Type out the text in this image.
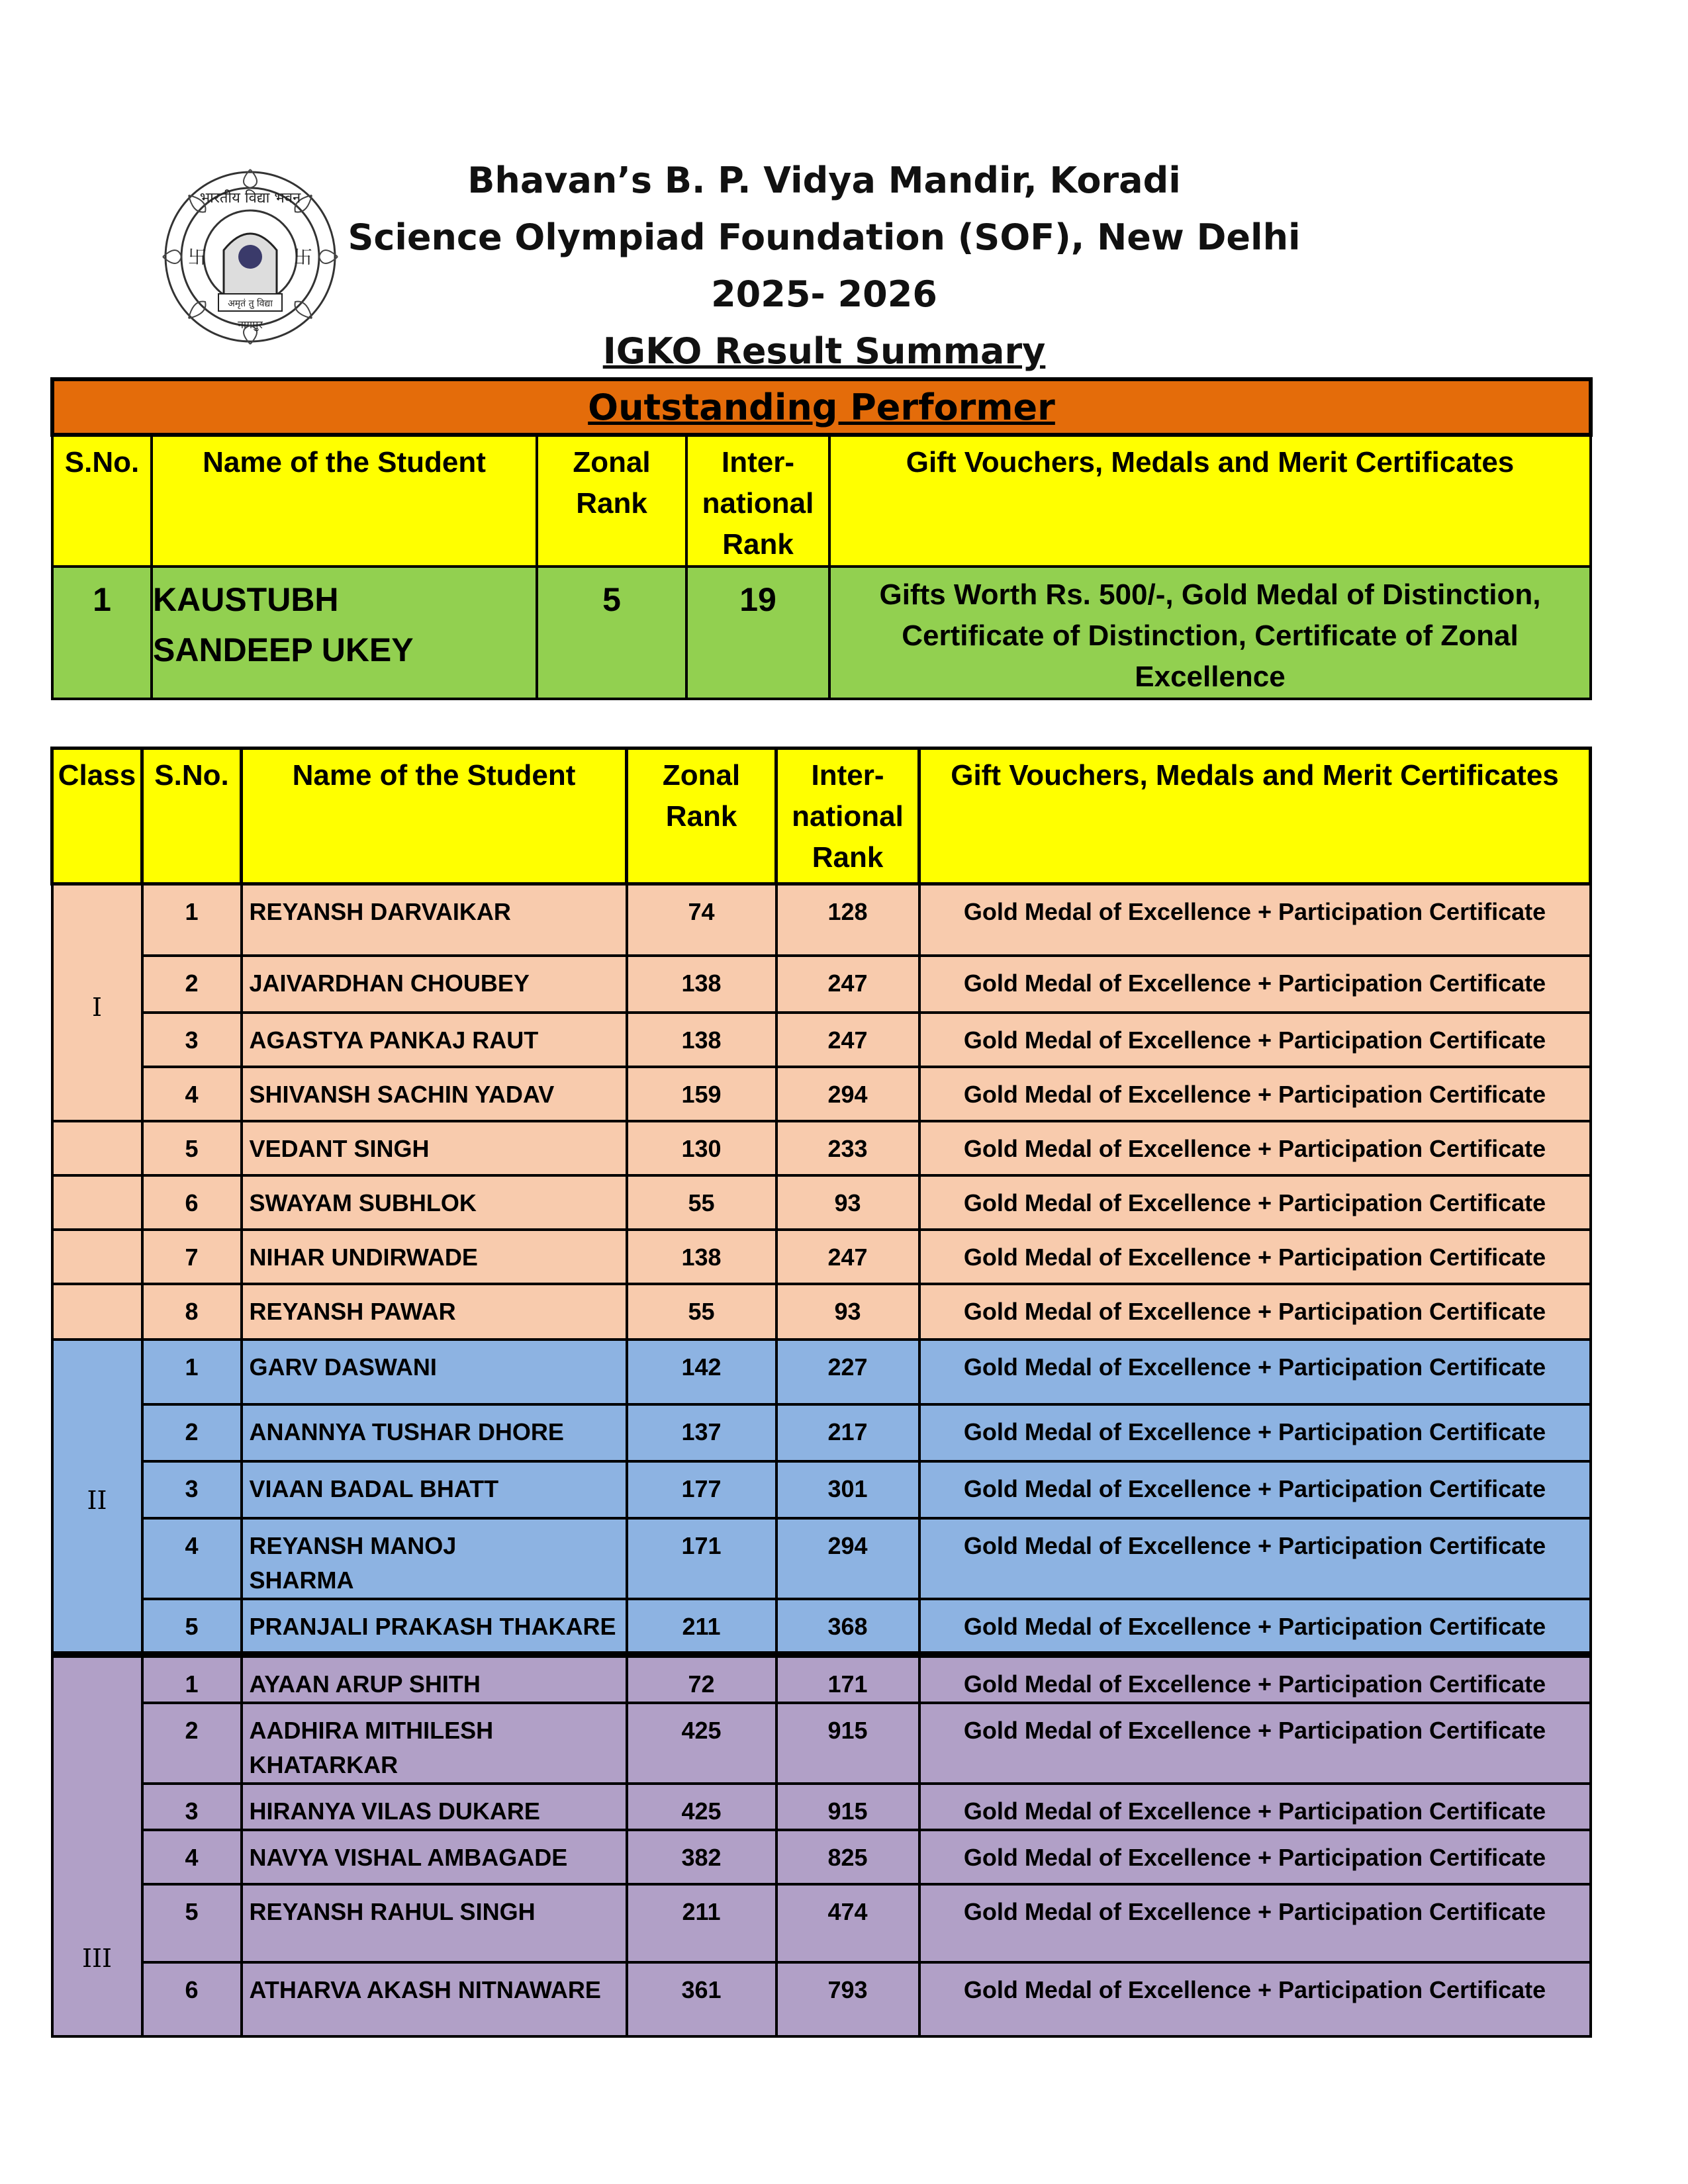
भारतीय विद्या भवन
नागपुर
अमृतं तु विद्या
卐	卐
Bhavan’s B. P. Vidya Mandir, Koradi
Science Olympiad Foundation (SOF), New Delhi
2025- 2026
IGKO Result Summary
Outstanding Performer				
S.No.	Name of the Student	Zonal Rank	Inter- national Rank	Gift Vouchers, Medals and Merit Certificates
1	KAUSTUBH
SANDEEP UKEY	5	19	Gifts Worth Rs. 500/-, Gold Medal of Distinction, Certificate of Distinction, Certificate of Zonal Excellence
Class	S.No.	Name of the Student	Zonal Rank	Inter- national Rank	Gift Vouchers, Medals and Merit Certificates
I	1	REYANSH DARVAIKAR	74	128	Gold Medal of Excellence + Participation Certificate
	2	JAIVARDHAN CHOUBEY	138	247	Gold Medal of Excellence + Participation Certificate
	3	AGASTYA PANKAJ RAUT	138	247	Gold Medal of Excellence + Participation Certificate
	4	SHIVANSH SACHIN YADAV	159	294	Gold Medal of Excellence + Participation Certificate
	5	VEDANT SINGH	130	233	Gold Medal of Excellence + Participation Certificate
	6	SWAYAM SUBHLOK	55	93	Gold Medal of Excellence + Participation Certificate
	7	NIHAR UNDIRWADE	138	247	Gold Medal of Excellence + Participation Certificate
	8	REYANSH PAWAR	55	93	Gold Medal of Excellence + Participation Certificate
II	1	GARV DASWANI	142	227	Gold Medal of Excellence + Participation Certificate
	2	ANANNYA TUSHAR DHORE	137	217	Gold Medal of Excellence + Participation Certificate
	3	VIAAN BADAL BHATT	177	301	Gold Medal of Excellence + Participation Certificate
	4	REYANSH MANOJ SHARMA	171	294	Gold Medal of Excellence + Participation Certificate
	5	PRANJALI PRAKASH THAKARE	211	368	Gold Medal of Excellence + Participation Certificate
III	1	AYAAN ARUP SHITH	72	171	Gold Medal of Excellence + Participation Certificate
	2	AADHIRA MITHILESH KHATARKAR	425	915	Gold Medal of Excellence + Participation Certificate
	3	HIRANYA VILAS DUKARE	425	915	Gold Medal of Excellence + Participation Certificate
	4	NAVYA VISHAL AMBAGADE	382	825	Gold Medal of Excellence + Participation Certificate
	5	REYANSH RAHUL SINGH	211	474	Gold Medal of Excellence + Participation Certificate
	6	ATHARVA AKASH NITNAWARE	361	793	Gold Medal of Excellence + Participation Certificate
